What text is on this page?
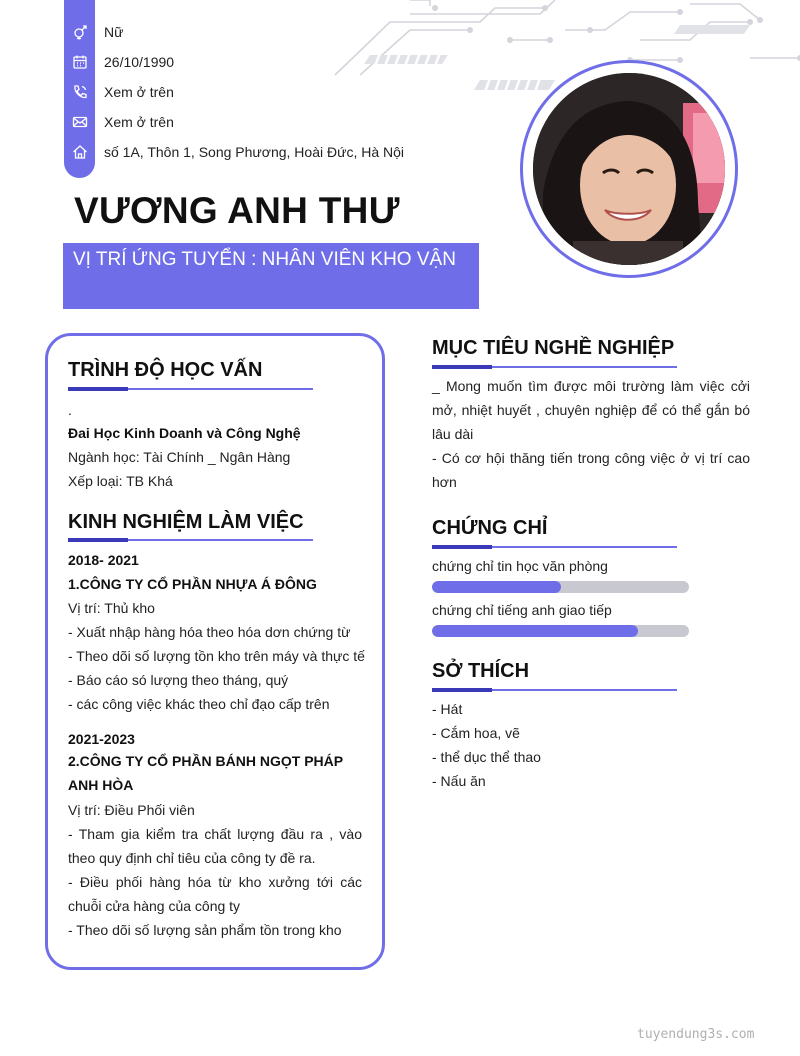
Nữ
26/10/1990
Xem ở trên
Xem ở trên
số 1A, Thôn 1, Song Phương, Hoài Đức, Hà Nội
VƯƠNG ANH THƯ
VỊ TRÍ ỨNG TUYỂN : NHÂN VIÊN KHO VẬN
TRÌNH ĐỘ HỌC VẤN
.
Đai Học Kinh Doanh và Công Nghệ
Ngành học: Tài Chính _ Ngân Hàng
Xếp loại: TB Khá
KINH NGHIỆM LÀM VIỆC
2018- 2021
1.CÔNG TY CỔ PHẦN NHỰA Á ĐÔNG
Vị trí: Thủ kho
- Xuất nhập hàng hóa theo hóa dơn chứng từ
- Theo dõi số lượng tồn kho trên máy và thực tế
- Báo cáo só lượng theo tháng, quý
- các công việc khác theo chỉ đạo cấp trên
2021-2023
2.CÔNG TY CỔ PHẦN BÁNH NGỌT PHÁP ANH HÒA
Vị trí: Điều Phối viên
- Tham gia kiểm tra chất lượng đầu ra , vào theo quy định chỉ tiêu của công ty đề ra.
- Điều phối hàng hóa từ kho xưởng tới các chuỗi cửa hàng của công ty
- Theo dõi số lượng sản phẩm tồn trong kho
MỤC TIÊU NGHỀ NGHIỆP
_ Mong muốn tìm được môi trường làm việc cởi mở, nhiệt huyết , chuyên nghiệp để có thể gắn bó lâu dài
- Có cơ hội thăng tiến trong công việc ở vị trí cao hơn
CHỨNG CHỈ
chứng chỉ tin học văn phòng
chứng chỉ tiếng anh giao tiếp
SỞ THÍCH
- Hát
- Cắm hoa, vẽ
- thể dục thể thao
- Nấu ăn
tuyendung3s.com
